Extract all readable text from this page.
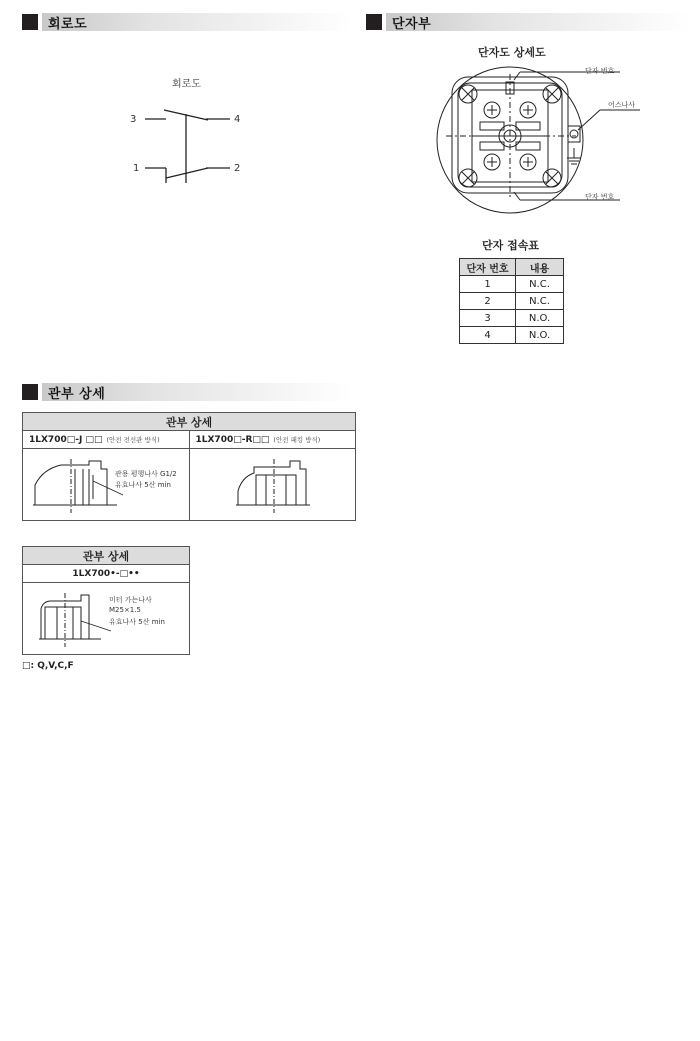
회로도	단자부
관부 상세
회로도
3	4
1	2
단자도 상세도
단자 번호
어스나사
단자 번호
단자 접속표
단자 번호	내용
1	N.C.
2	N.C.
3	N.O.
4	N.O.
관부 상세
1LX700□-J □□ (안전 전선관 방식)	1LX700□-R□□ (안전 패킹 방식)
관용 평행나사 G1/2
유효나사 5산 min
관부 상세
1LX700•-□••
미터 가는나사
M25×1.5
유효나사 5산 min
□: Q,V,C,F
